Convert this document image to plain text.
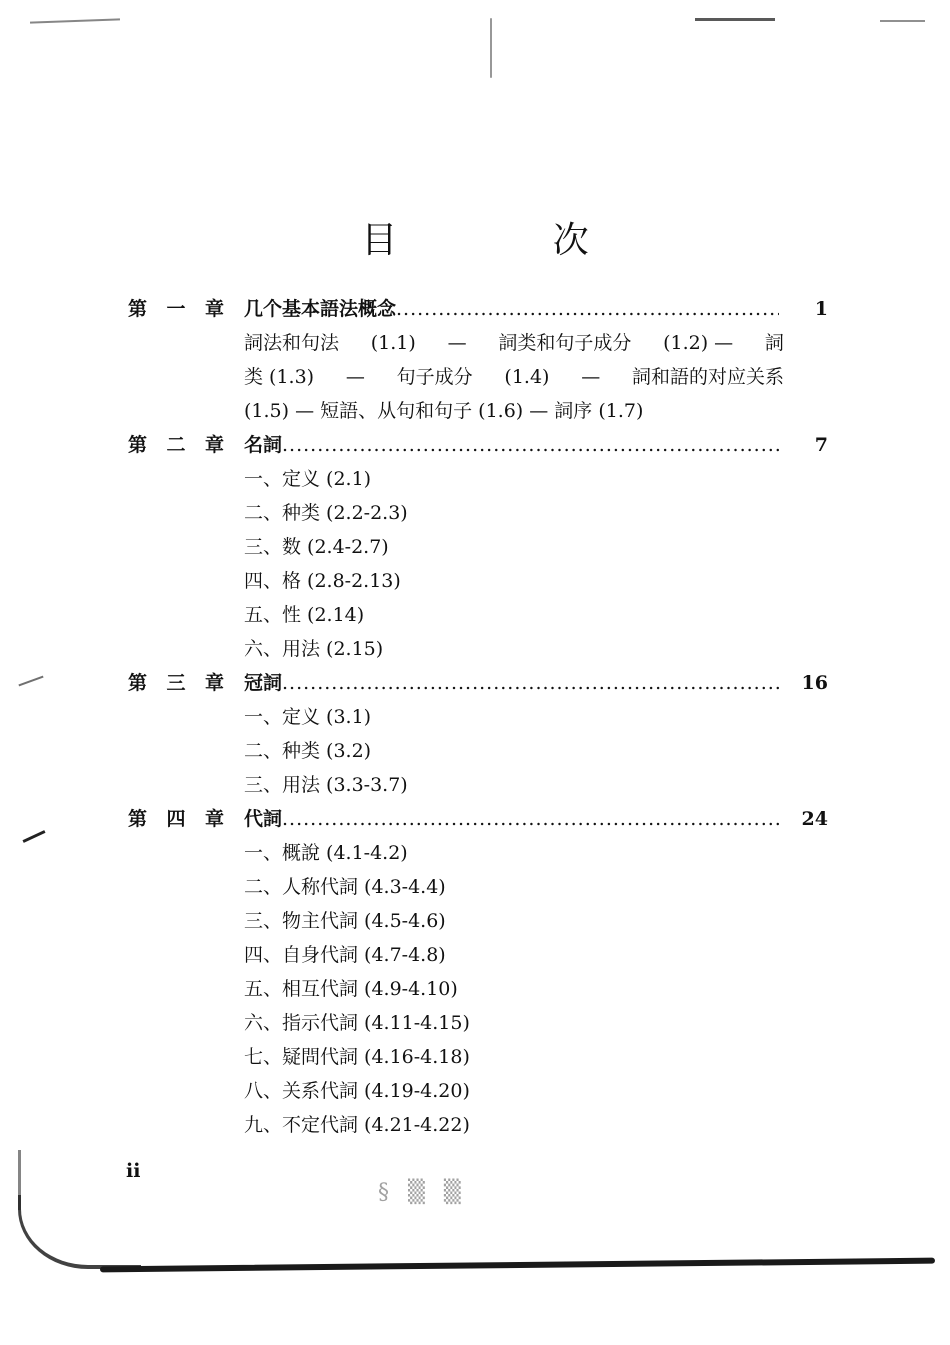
目 次
第 一 章 几个基本語法概念 .....	1
詞法和句法 (1.1) — 詞类和句子成分 (1.2) — 詞
类 (1.3) — 句子成分 (1.4) — 詞和語的对应关系
(1.5) — 短語、从句和句子 (1.6) — 詞序 (1.7)
第 二 章 名詞 .....	7
一、定义 (2.1)
二、种类 (2.2-2.3)
三、数 (2.4-2.7)
四、格 (2.8-2.13)
五、性 (2.14)
六、用法 (2.15)
第 三 章 冠詞 .....	16
一、定义 (3.1)
二、种类 (3.2)
三、用法 (3.3-3.7)
第 四 章 代詞 .....	24
一、概說 (4.1-4.2)
二、人称代詞 (4.3-4.4)
三、物主代詞 (4.5-4.6)
四、自身代詞 (4.7-4.8)
五、相互代詞 (4.9-4.10)
六、指示代詞 (4.11-4.15)
七、疑問代詞 (4.16-4.18)
八、关系代詞 (4.19-4.20)
九、不定代詞 (4.21-4.22)
ii
§ ▒ ▒
